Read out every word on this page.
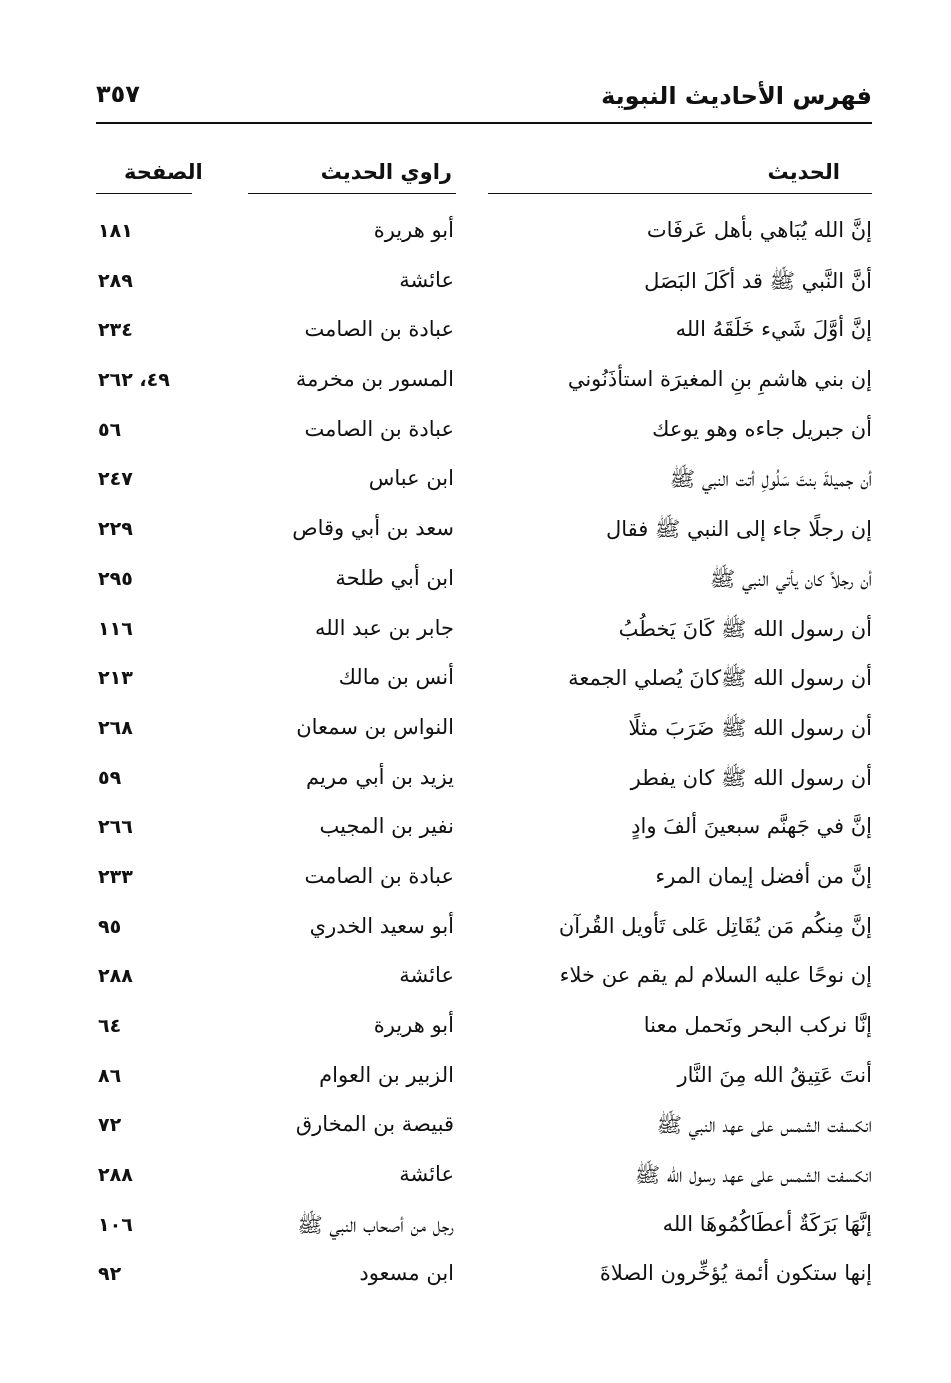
فهرس الأحاديث النبوية
٣٥٧
الحديث
راوي الحديث
الصفحة
إنَّ الله يُبَاهي بأهل عَرفَات
أبو هريرة
١٨١
أنَّ النَّبي ﷺ قد أكَلَ البَصَل
عائشة
٢٨٩
إنَّ أوَّلَ شَيء خَلَقَهُ الله
عبادة بن الصامت
٢٣٤
إن بني هاشمِ بنِ المغيرَة استأذَنُوني
المسور بن مخرمة
٤٩، ٢٦٢
أن جبريل جاءه وهو يوعك
عبادة بن الصامت
٥٦
أن جميلةَ بنتَ سَلُولِ أتت النبي ﷺ
ابن عباس
٢٤٧
إن رجلًا جاء إلى النبي ﷺ فقال
سعد بن أبي وقاص
٢٢٩
أن رجلاً كان يأتي النبي ﷺ
ابن أبي طلحة
٢٩٥
أن رسول الله ﷺ كَانَ يَخطُبُ
جابر بن عبد الله
١١٦
أن رسول الله ﷺكانَ يُصلي الجمعة
أنس بن مالك
٢١٣
أن رسول الله ﷺ ضَرَبَ مثلًا
النواس بن سمعان
٢٦٨
أن رسول الله ﷺ كان يفطر
يزيد بن أبي مريم
٥٩
إنَّ في جَهنَّم سبعينَ ألفَ وادٍ
نفير بن المجيب
٢٦٦
إنَّ من أفضل إيمان المرء
عبادة بن الصامت
٢٣٣
إنَّ مِنكُم مَن يُقَاتِل عَلى تَأويل القُرآن
أبو سعيد الخدري
٩٥
إن نوحًا عليه السلام لم يقم عن خلاء
عائشة
٢٨٨
إنَّا نركب البحر ونَحمل معنا
أبو هريرة
٦٤
أنتَ عَتِيقُ الله مِنَ النَّار
الزبير بن العوام
٨٦
انكسفت الشمس على عهد النبي ﷺ
قبيصة بن المخارق
٧٢
انكسفت الشمس على عهد رسول الله ﷺ
عائشة
٢٨٨
إنَّهَا بَرَكَةٌ أعطَاكُمُوهَا الله
رجل من أصحاب النبي ﷺ
١٠٦
إنها ستكون أئمة يُؤخِّرون الصلاةَ
ابن مسعود
٩٢
